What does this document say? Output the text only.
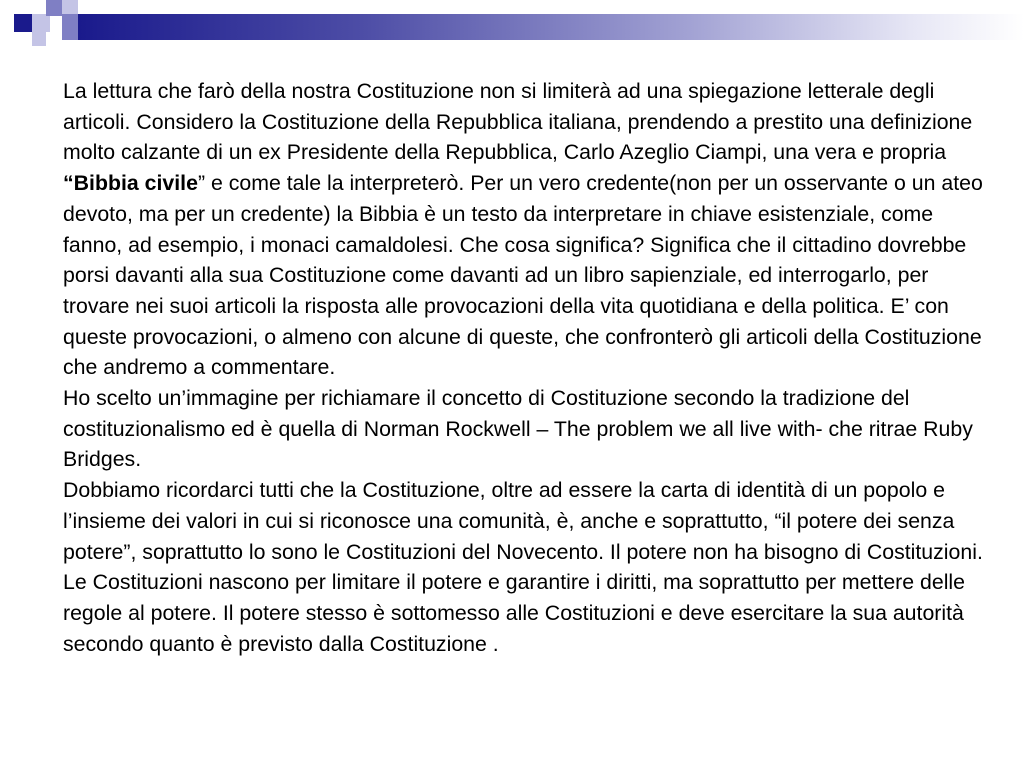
La lettura che farò della nostra Costituzione non si limiterà ad una spiegazione letterale degli articoli. Considero la Costituzione della Repubblica italiana, prendendo a prestito una definizione molto calzante di un ex Presidente della Repubblica, Carlo Azeglio Ciampi, una vera e propria “Bibbia civile” e come tale la interpreterò. Per un vero credente(non per un osservante o un ateo devoto, ma per un credente) la Bibbia è un testo da interpretare in chiave esistenziale, come fanno, ad esempio, i monaci camaldolesi. Che cosa significa? Significa che il cittadino dovrebbe porsi davanti alla sua Costituzione come davanti ad un libro sapienziale, ed interrogarlo, per trovare nei suoi articoli la risposta alle provocazioni della vita quotidiana e della politica. E’ con queste provocazioni, o almeno con alcune di queste, che confronterò gli articoli della Costituzione che andremo a commentare.

Ho scelto un’immagine per richiamare il concetto di Costituzione secondo la tradizione del costituzionalismo ed è quella di Norman Rockwell – The problem we all live with- che ritrae Ruby Bridges.

Dobbiamo ricordarci tutti che la Costituzione, oltre ad essere la carta di identità di un popolo e l’insieme dei valori in cui si riconosce una comunità, è, anche e soprattutto, “il potere dei senza potere”, soprattutto lo sono le Costituzioni del Novecento. Il potere non ha bisogno di Costituzioni. Le Costituzioni nascono per limitare il potere e garantire i diritti, ma soprattutto per mettere delle regole al potere. Il potere stesso è sottomesso alle Costituzioni e deve esercitare la sua autorità secondo quanto è previsto dalla Costituzione .
